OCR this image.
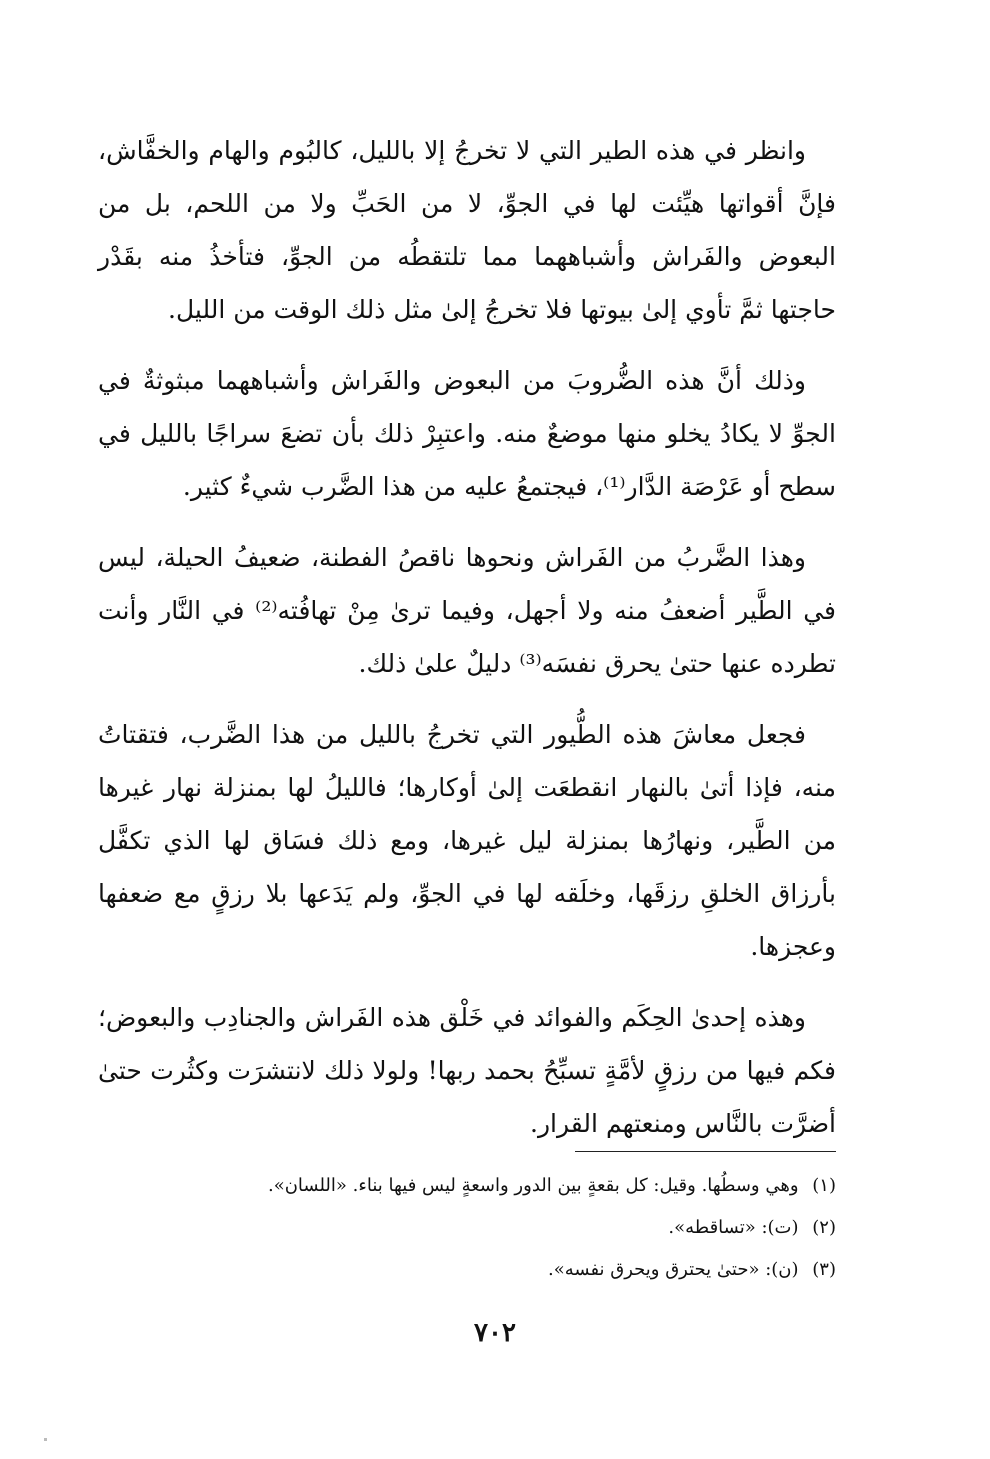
وانظر في هذه الطير التي لا تخرجُ إلا بالليل، كالبُوم والهام والخفَّاش، فإنَّ أقواتها هيِّئت لها في الجوِّ، لا من الحَبِّ ولا من اللحم، بل من البعوض والفَراش وأشباههما مما تلتقطُه من الجوِّ، فتأخذُ منه بقَدْر حاجتها ثمَّ تأوي إلىٰ بيوتها فلا تخرجُ إلىٰ مثل ذلك الوقت من الليل.

وذلك أنَّ هذه الضُّروبَ من البعوض والفَراش وأشباههما مبثوثةٌ في الجوِّ لا يكادُ يخلو منها موضعٌ منه. واعتبِرْ ذلك بأن تضعَ سراجًا بالليل في سطح أو عَرْصَة الدَّار⁽¹⁾، فيجتمعُ عليه من هذا الضَّرب شيءٌ كثير.

وهذا الضَّربُ من الفَراش ونحوها ناقصُ الفطنة، ضعيفُ الحيلة، ليس في الطَّير أضعفُ منه ولا أجهل، وفيما ترىٰ مِنْ تهافُته⁽²⁾ في النَّار وأنت تطرده عنها حتىٰ يحرق نفسَه⁽³⁾ دليلٌ علىٰ ذلك.

فجعل معاشَ هذه الطُّيور التي تخرجُ بالليل من هذا الضَّرب، فتقتاتُ منه، فإذا أتىٰ بالنهار انقطعَت إلىٰ أوكارها؛ فالليلُ لها بمنزلة نهار غيرها من الطَّير، ونهارُها بمنزلة ليل غيرها، ومع ذلك فسَاق لها الذي تكفَّل بأرزاق الخلقِ رزقَها، وخلَقه لها في الجوِّ، ولم يَدَعها بلا رزقٍ مع ضعفها وعجزها.

وهذه إحدىٰ الحِكَم والفوائد في خَلْق هذه الفَراش والجنادِب والبعوض؛ فكم فيها من رزقٍ لأمَّةٍ تسبِّحُ بحمد ربها! ولولا ذلك لانتشرَت وكثُرت حتىٰ أضرَّت بالنَّاس ومنعتهم القرار.

(١) وهي وسطُها. وقيل: كل بقعةٍ بين الدور واسعةٍ ليس فيها بناء. «اللسان».
(٢) (ت): «تساقطه».
(٣) (ن): «حتىٰ يحترق ويحرق نفسه».
٧٠٢
